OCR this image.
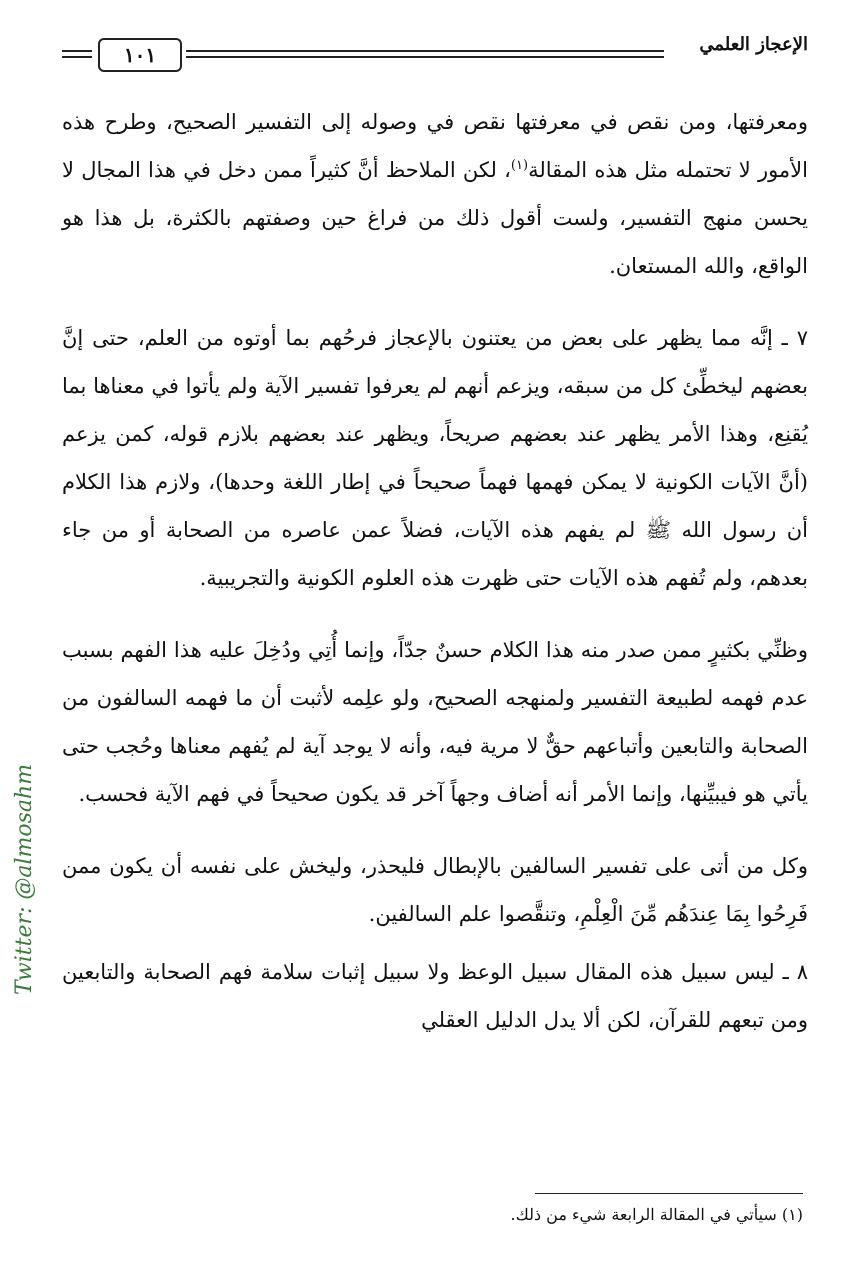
١٠١	الإعجاز العلمي

ومعرفتها، ومن نقص في معرفتها نقص في وصوله إلى التفسير الصحيح، وطرح هذه الأمور لا تحتمله مثل هذه المقالة$^{(١)}$، لكن الملاحظ أنَّ كثيراً ممن دخل في هذا المجال لا يحسن منهج التفسير، ولست أقول ذلك من فراغ حين وصفتهم بالكثرة، بل هذا هو الواقع، والله المستعان.

٧ ـ إنَّه مما يظهر على بعض من يعتنون بالإعجاز فرحُهم بما أوتوه من العلم، حتى إنَّ بعضهم ليخطِّئ كل من سبقه، ويزعم أنهم لم يعرفوا تفسير الآية ولم يأتوا في معناها بما يُقنِع، وهذا الأمر يظهر عند بعضهم صريحاً، ويظهر عند بعضهم بلازم قوله، كمن يزعم (أنَّ الآيات الكونية لا يمكن فهمها فهماً صحيحاً في إطار اللغة وحدها)، ولازم هذا الكلام أن رسول الله ﷺ لم يفهم هذه الآيات، فضلاً عمن عاصره من الصحابة أو من جاء بعدهم، ولم تُفهم هذه الآيات حتى ظهرت هذه العلوم الكونية والتجريبية.

وظنِّي بكثيرٍ ممن صدر منه هذا الكلام حسنٌ جدّاً، وإنما أُتِي ودُخِلَ عليه هذا الفهم بسبب عدم فهمه لطبيعة التفسير ولمنهجه الصحيح، ولو علِمه لأثبت أن ما فهمه السالفون من الصحابة والتابعين وأتباعهم حقٌّ لا مرية فيه، وأنه لا يوجد آية لم يُفهم معناها وحُجب حتى يأتي هو فيبيِّنها، وإنما الأمر أنه أضاف وجهاً آخر قد يكون صحيحاً في فهم الآية فحسب.

وكل من أتى على تفسير السالفين بالإبطال فليحذر، وليخش على نفسه أن يكون ممن فَرِحُوا بِمَا عِندَهُم مِّنَ الْعِلْمِ، وتنقَّصوا علم السالفين.

٨ ـ ليس سبيل هذه المقال سبيل الوعظ ولا سبيل إثبات سلامة فهم الصحابة والتابعين ومن تبعهم للقرآن، لكن ألا يدل الدليل العقلي

(١) سيأتي في المقالة الرابعة شيء من ذلك.
Twitter: @almosahm
